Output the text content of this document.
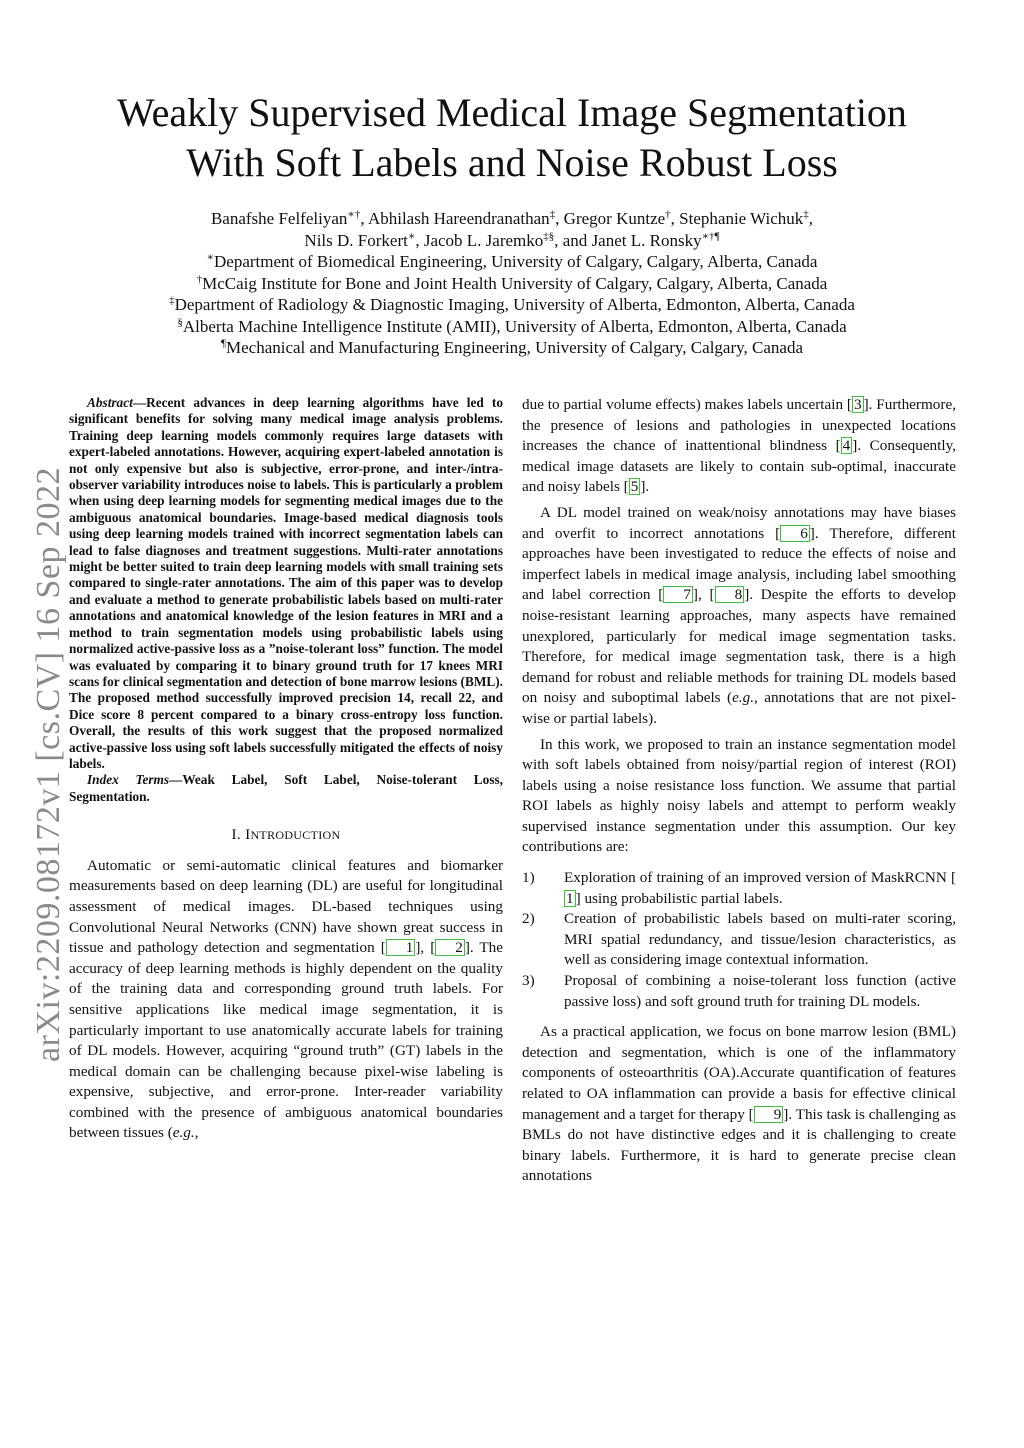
arXiv:2209.08172v1 [cs.CV] 16 Sep 2022
Weakly Supervised Medical Image Segmentation
With Soft Labels and Noise Robust Loss
Banafshe Felfeliyan∗†, Abhilash Hareendranathan‡, Gregor Kuntze†, Stephanie Wichuk‡,
Nils D. Forkert∗, Jacob L. Jaremko‡§, and Janet L. Ronsky∗†¶
∗Department of Biomedical Engineering, University of Calgary, Calgary, Alberta, Canada
†McCaig Institute for Bone and Joint Health University of Calgary, Calgary, Alberta, Canada
‡Department of Radiology & Diagnostic Imaging, University of Alberta, Edmonton, Alberta, Canada
§Alberta Machine Intelligence Institute (AMII), University of Alberta, Edmonton, Alberta, Canada
¶Mechanical and Manufacturing Engineering, University of Calgary, Calgary, Canada

Abstract—Recent advances in deep learning algorithms have led to significant benefits for solving many medical image analysis problems. Training deep learning models commonly requires large datasets with expert-labeled annotations. However, acquiring expert-labeled annotation is not only expensive but also is subjective, error-prone, and inter-/intra- observer variability introduces noise to labels. This is particularly a problem when using deep learning models for segmenting medical images due to the ambiguous anatomical boundaries. Image-based medical diagnosis tools using deep learning models trained with incorrect segmentation labels can lead to false diagnoses and treatment suggestions. Multi-rater annotations might be better suited to train deep learning models with small training sets compared to single-rater annotations. The aim of this paper was to develop and evaluate a method to generate probabilistic labels based on multi-rater annotations and anatomical knowledge of the lesion features in MRI and a method to train segmentation models using probabilistic labels using normalized active-passive loss as a ”noise-tolerant loss” function. The model was evaluated by comparing it to binary ground truth for 17 knees MRI scans for clinical segmentation and detection of bone marrow lesions (BML). The proposed method successfully improved precision 14, recall 22, and Dice score 8 percent compared to a binary cross-entropy loss function. Overall, the results of this work suggest that the proposed normalized active-passive loss using soft labels successfully mitigated the effects of noisy labels.

Index Terms—Weak Label, Soft Label, Noise-tolerant Loss, Segmentation.

I. INTRODUCTION

Automatic or semi-automatic clinical features and biomarker measurements based on deep learning (DL) are useful for longitudinal assessment of medical images. DL-based techniques using Convolutional Neural Networks (CNN) have shown great success in tissue and pathology detection and segmentation [ 1 ], [ 2 ]. The accuracy of deep learning methods is highly dependent on the quality of the training data and corresponding ground truth labels. For sensitive applications like medical image segmentation, it is particularly important to use anatomically accurate labels for training of DL models. However, acquiring “ground truth” (GT) labels in the medical domain can be challenging because pixel-wise labeling is expensive, subjective, and error-prone. Inter-reader variability combined with the presence of ambiguous anatomical boundaries between tissues (e.g.,

due to partial volume effects) makes labels uncertain [ 3 ]. Furthermore, the presence of lesions and pathologies in unexpected locations increases the chance of inattentional blindness [ 4 ]. Consequently, medical image datasets are likely to contain sub-optimal, inaccurate and noisy labels [ 5 ].

A DL model trained on weak/noisy annotations may have biases and overfit to incorrect annotations [ 6 ]. Therefore, different approaches have been investigated to reduce the effects of noise and imperfect labels in medical image analysis, including label smoothing and label correction [ 7 ], [ 8 ]. Despite the efforts to develop noise-resistant learning approaches, many aspects have remained unexplored, particularly for medical image segmentation tasks. Therefore, for medical image segmentation task, there is a high demand for robust and reliable methods for training DL models based on noisy and suboptimal labels (e.g., annotations that are not pixel-wise or partial labels).

In this work, we proposed to train an instance segmentation model with soft labels obtained from noisy/partial region of interest (ROI) labels using a noise resistance loss function. We assume that partial ROI labels as highly noisy labels and attempt to perform weakly supervised instance segmentation under this assumption. Our key contributions are:

1)	Exploration of training of an improved version of MaskRCNN [1 ] using probabilistic partial labels.
2)	Creation of probabilistic labels based on multi-rater scoring, MRI spatial redundancy, and tissue/lesion characteristics, as well as considering image contextual information.
3)	Proposal of combining a noise-tolerant loss function (active passive loss) and soft ground truth for training DL models.

As a practical application, we focus on bone marrow lesion (BML) detection and segmentation, which is one of the inflammatory components of osteoarthritis (OA).Accurate quantification of features related to OA inflammation can provide a basis for effective clinical management and a target for therapy [ 9 ]. This task is challenging as BMLs do not have distinctive edges and it is challenging to create binary labels. Furthermore, it is hard to generate precise clean annotations
